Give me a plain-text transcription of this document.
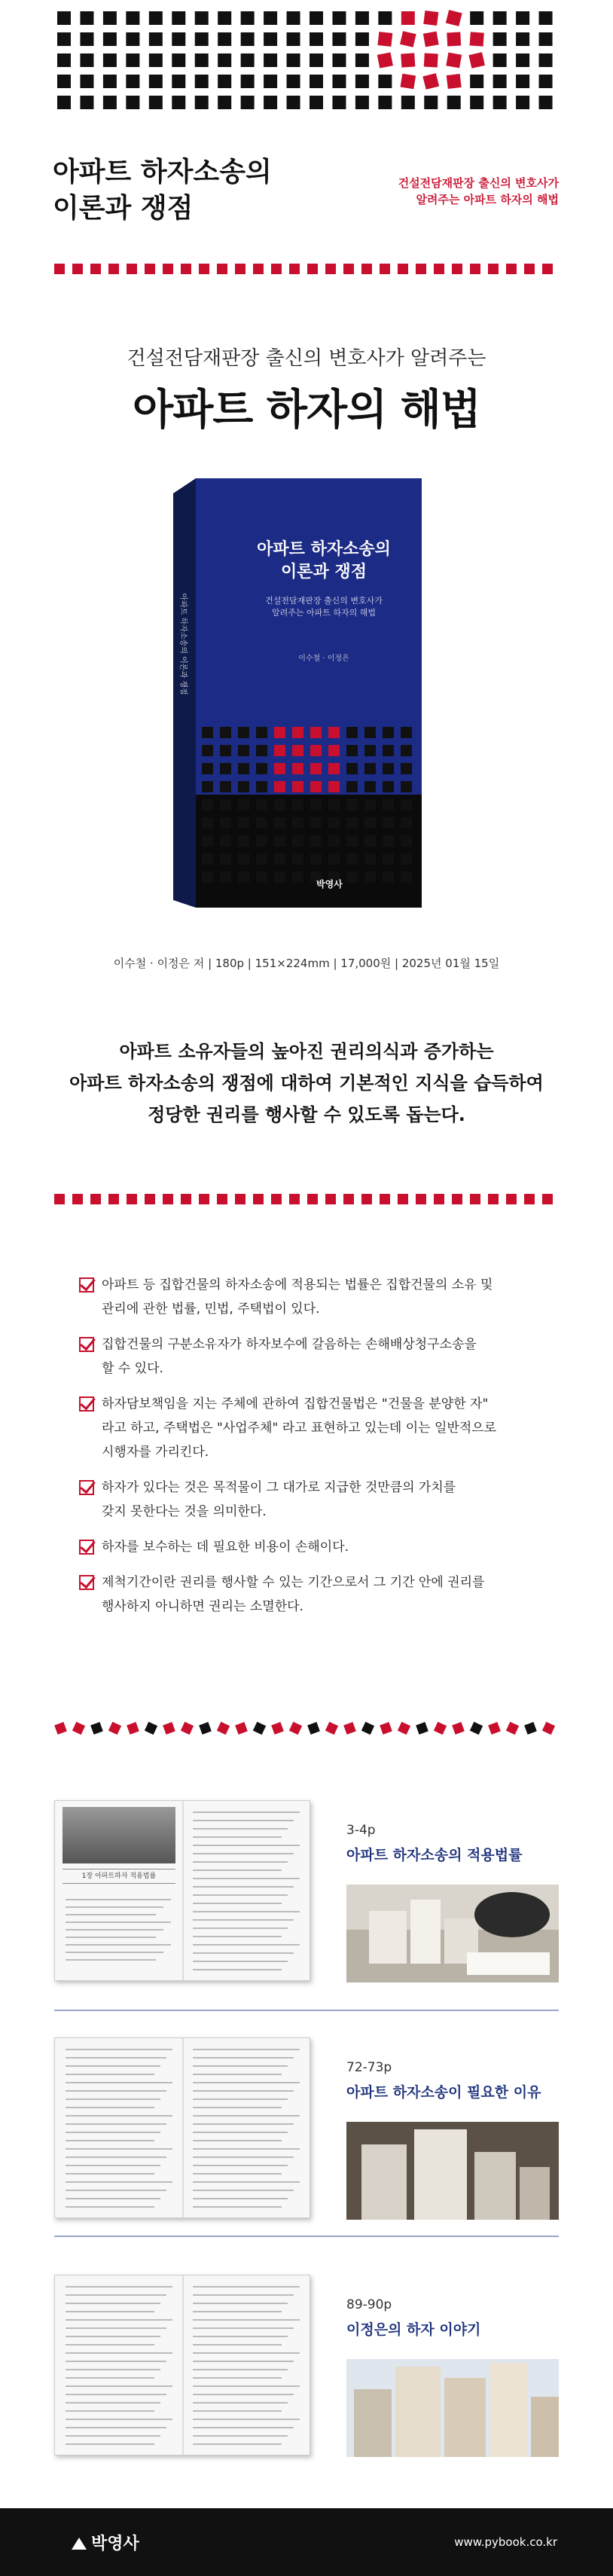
아파트 하자소송의
이론과 쟁점
건설전담재판장 출신의 변호사가
알려주는 아파트 하자의 해법
건설전담재판장 출신의 변호사가 알려주는
아파트 하자의 해법
아파트 하자소송의
이론과 쟁점
건설전담재판장 출신의 변호사가
알려주는 아파트 하자의 해법
이수철 · 이정은
아파트 하자소송의 이론과 쟁점
박영사
이수철 · 이정은 저 | 180p | 151×224mm | 17,000원 | 2025년 01월 15일
아파트 소유자들의 높아진 권리의식과 증가하는
아파트 하자소송의 쟁점에 대하여 기본적인 지식을 습득하여
정당한 권리를 행사할 수 있도록 돕는다.
아파트 등 집합건물의 하자소송에 적용되는 법률은 집합건물의 소유 및
관리에 관한 법률, 민법, 주택법이 있다.
집합건물의 구분소유자가 하자보수에 갈음하는 손해배상청구소송을
할 수 있다.
하자담보책임을 지는 주체에 관하여 집합건물법은 "건물을 분양한 자"
라고 하고, 주택법은 "사업주체" 라고 표현하고 있는데 이는 일반적으로
시행자를 가리킨다.
하자가 있다는 것은 목적물이 그 대가로 지급한 것만큼의 가치를
갖지 못한다는 것을 의미한다.
하자를 보수하는 데 필요한 비용이 손해이다.
제척기간이란 권리를 행사할 수 있는 기간으로서 그 기간 안에 권리를
행사하지 아니하면 권리는 소멸한다.
1장 아파트하자 적용법률
3-4p
아파트 하자소송의 적용법률
72-73p
아파트 하자소송이 필요한 이유
89-90p
이정은의 하자 이야기
박영사	www.pybook.co.kr
